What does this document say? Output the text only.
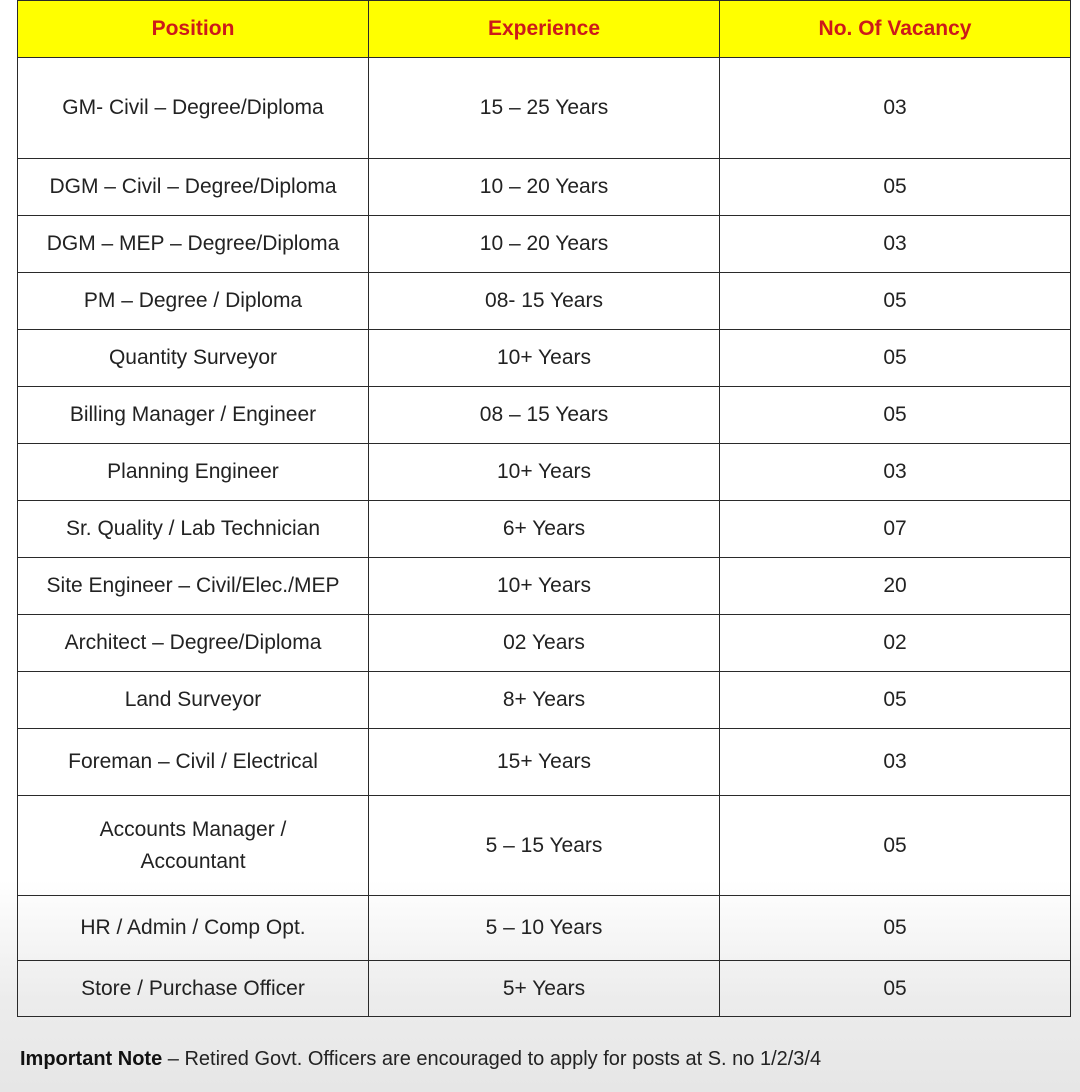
Position	Experience	No. Of Vacancy
GM- Civil – Degree/Diploma	15 – 25 Years	03
DGM – Civil – Degree/Diploma	10 – 20 Years	05
DGM – MEP – Degree/Diploma	10 – 20 Years	03
PM – Degree / Diploma	08- 15 Years	05
Quantity Surveyor	10+ Years	05
Billing Manager / Engineer	08 – 15 Years	05
Planning Engineer	10+ Years	03
Sr. Quality / Lab Technician	6+ Years	07
Site Engineer – Civil/Elec./MEP	10+ Years	20
Architect – Degree/Diploma	02 Years	02
Land Surveyor	8+ Years	05
Foreman – Civil / Electrical	15+ Years	03
Accounts Manager / Accountant	5 – 15 Years	05
HR / Admin / Comp Opt.	5 – 10 Years	05
Store / Purchase Officer	5+ Years	05
Important Note – Retired Govt. Officers are encouraged to apply for posts at S. no 1/2/3/4
